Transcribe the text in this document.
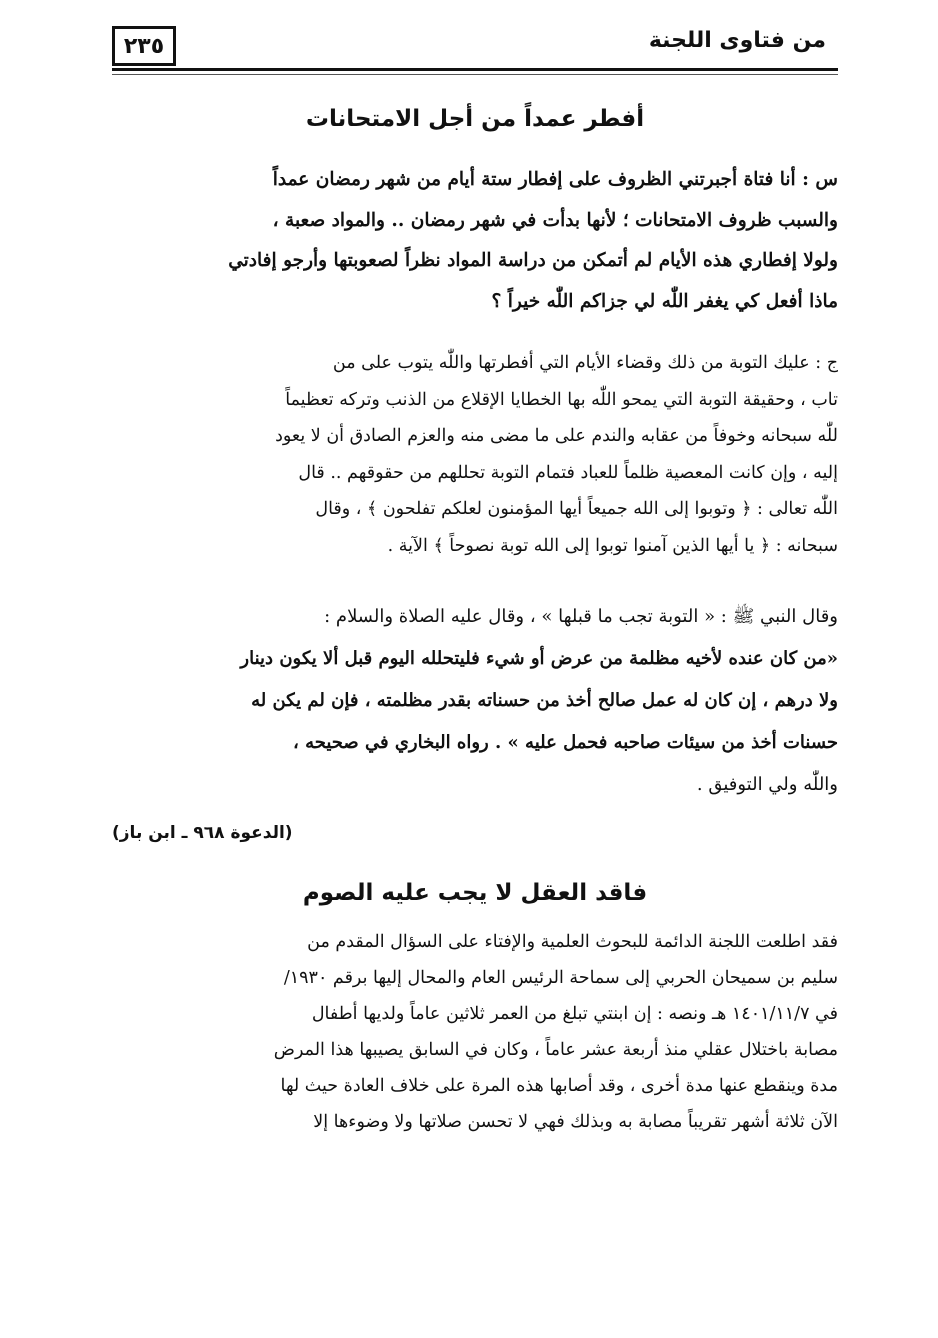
٢٣٥	من فتاوى اللجنة
أفطر عمداً من أجل الامتحانات

س : أنا فتاة أجبرتني الظروف على إفطار ستة أيام من شهر رمضان عمداً
والسبب ظروف الامتحانات ؛ لأنها بدأت في شهر رمضان .. والمواد صعبة ،
ولولا إفطاري هذه الأيام لم أتمكن من دراسة المواد نظراً لصعوبتها وأرجو إفادتي
ماذا أفعل كي يغفر اللّٰه لي جزاكم اللّٰه خيراً ؟

ج : عليك التوبة من ذلك وقضاء الأيام التي أفطرتها واللّٰه يتوب على من
تاب ، وحقيقة التوبة التي يمحو اللّٰه بها الخطايا الإقلاع من الذنب وتركه تعظيماً
للّٰه سبحانه وخوفاً من عقابه والندم على ما مضى منه والعزم الصادق أن لا يعود
إليه ، وإن كانت المعصية ظلماً للعباد فتمام التوبة تحللهم من حقوقهم .. قال
اللّٰه تعالى : ﴿ وتوبوا إلى الله جميعاً أيها المؤمنون لعلكم تفلحون ﴾ ، وقال
سبحانه : ﴿ يا أيها الذين آمنوا توبوا إلى الله توبة نصوحاً ﴾ الآية .

وقال النبي ﷺ : « التوبة تجب ما قبلها » ، وقال عليه الصلاة والسلام :
«من كان عنده لأخيه مظلمة من عرض أو شيء فليتحلله اليوم قبل ألا يكون دينار
ولا درهم ، إن كان له عمل صالح أخذ من حسناته بقدر مظلمته ، فإن لم يكن له
حسنات أخذ من سيئات صاحبه فحمل عليه » . رواه البخاري في صحيحه ،
واللّٰه ولي التوفيق .

(الدعوة ٩٦٨ ـ ابن باز)
فاقد العقل لا يجب عليه الصوم

فقد اطلعت اللجنة الدائمة للبحوث العلمية والإفتاء على السؤال المقدم من
سليم بن سميحان الحربي إلى سماحة الرئيس العام والمحال إليها برقم ١٩٣٠/
في ١٤٠١/١١/٧ هـ ونصه : إن ابنتي تبلغ من العمر ثلاثين عاماً ولديها أطفال
مصابة باختلال عقلي منذ أربعة عشر عاماً ، وكان في السابق يصيبها هذا المرض
مدة وينقطع عنها مدة أخرى ، وقد أصابها هذه المرة على خلاف العادة حيث لها
الآن ثلاثة أشهر تقريباً مصابة به وبذلك فهي لا تحسن صلاتها ولا وضوءها إلا
